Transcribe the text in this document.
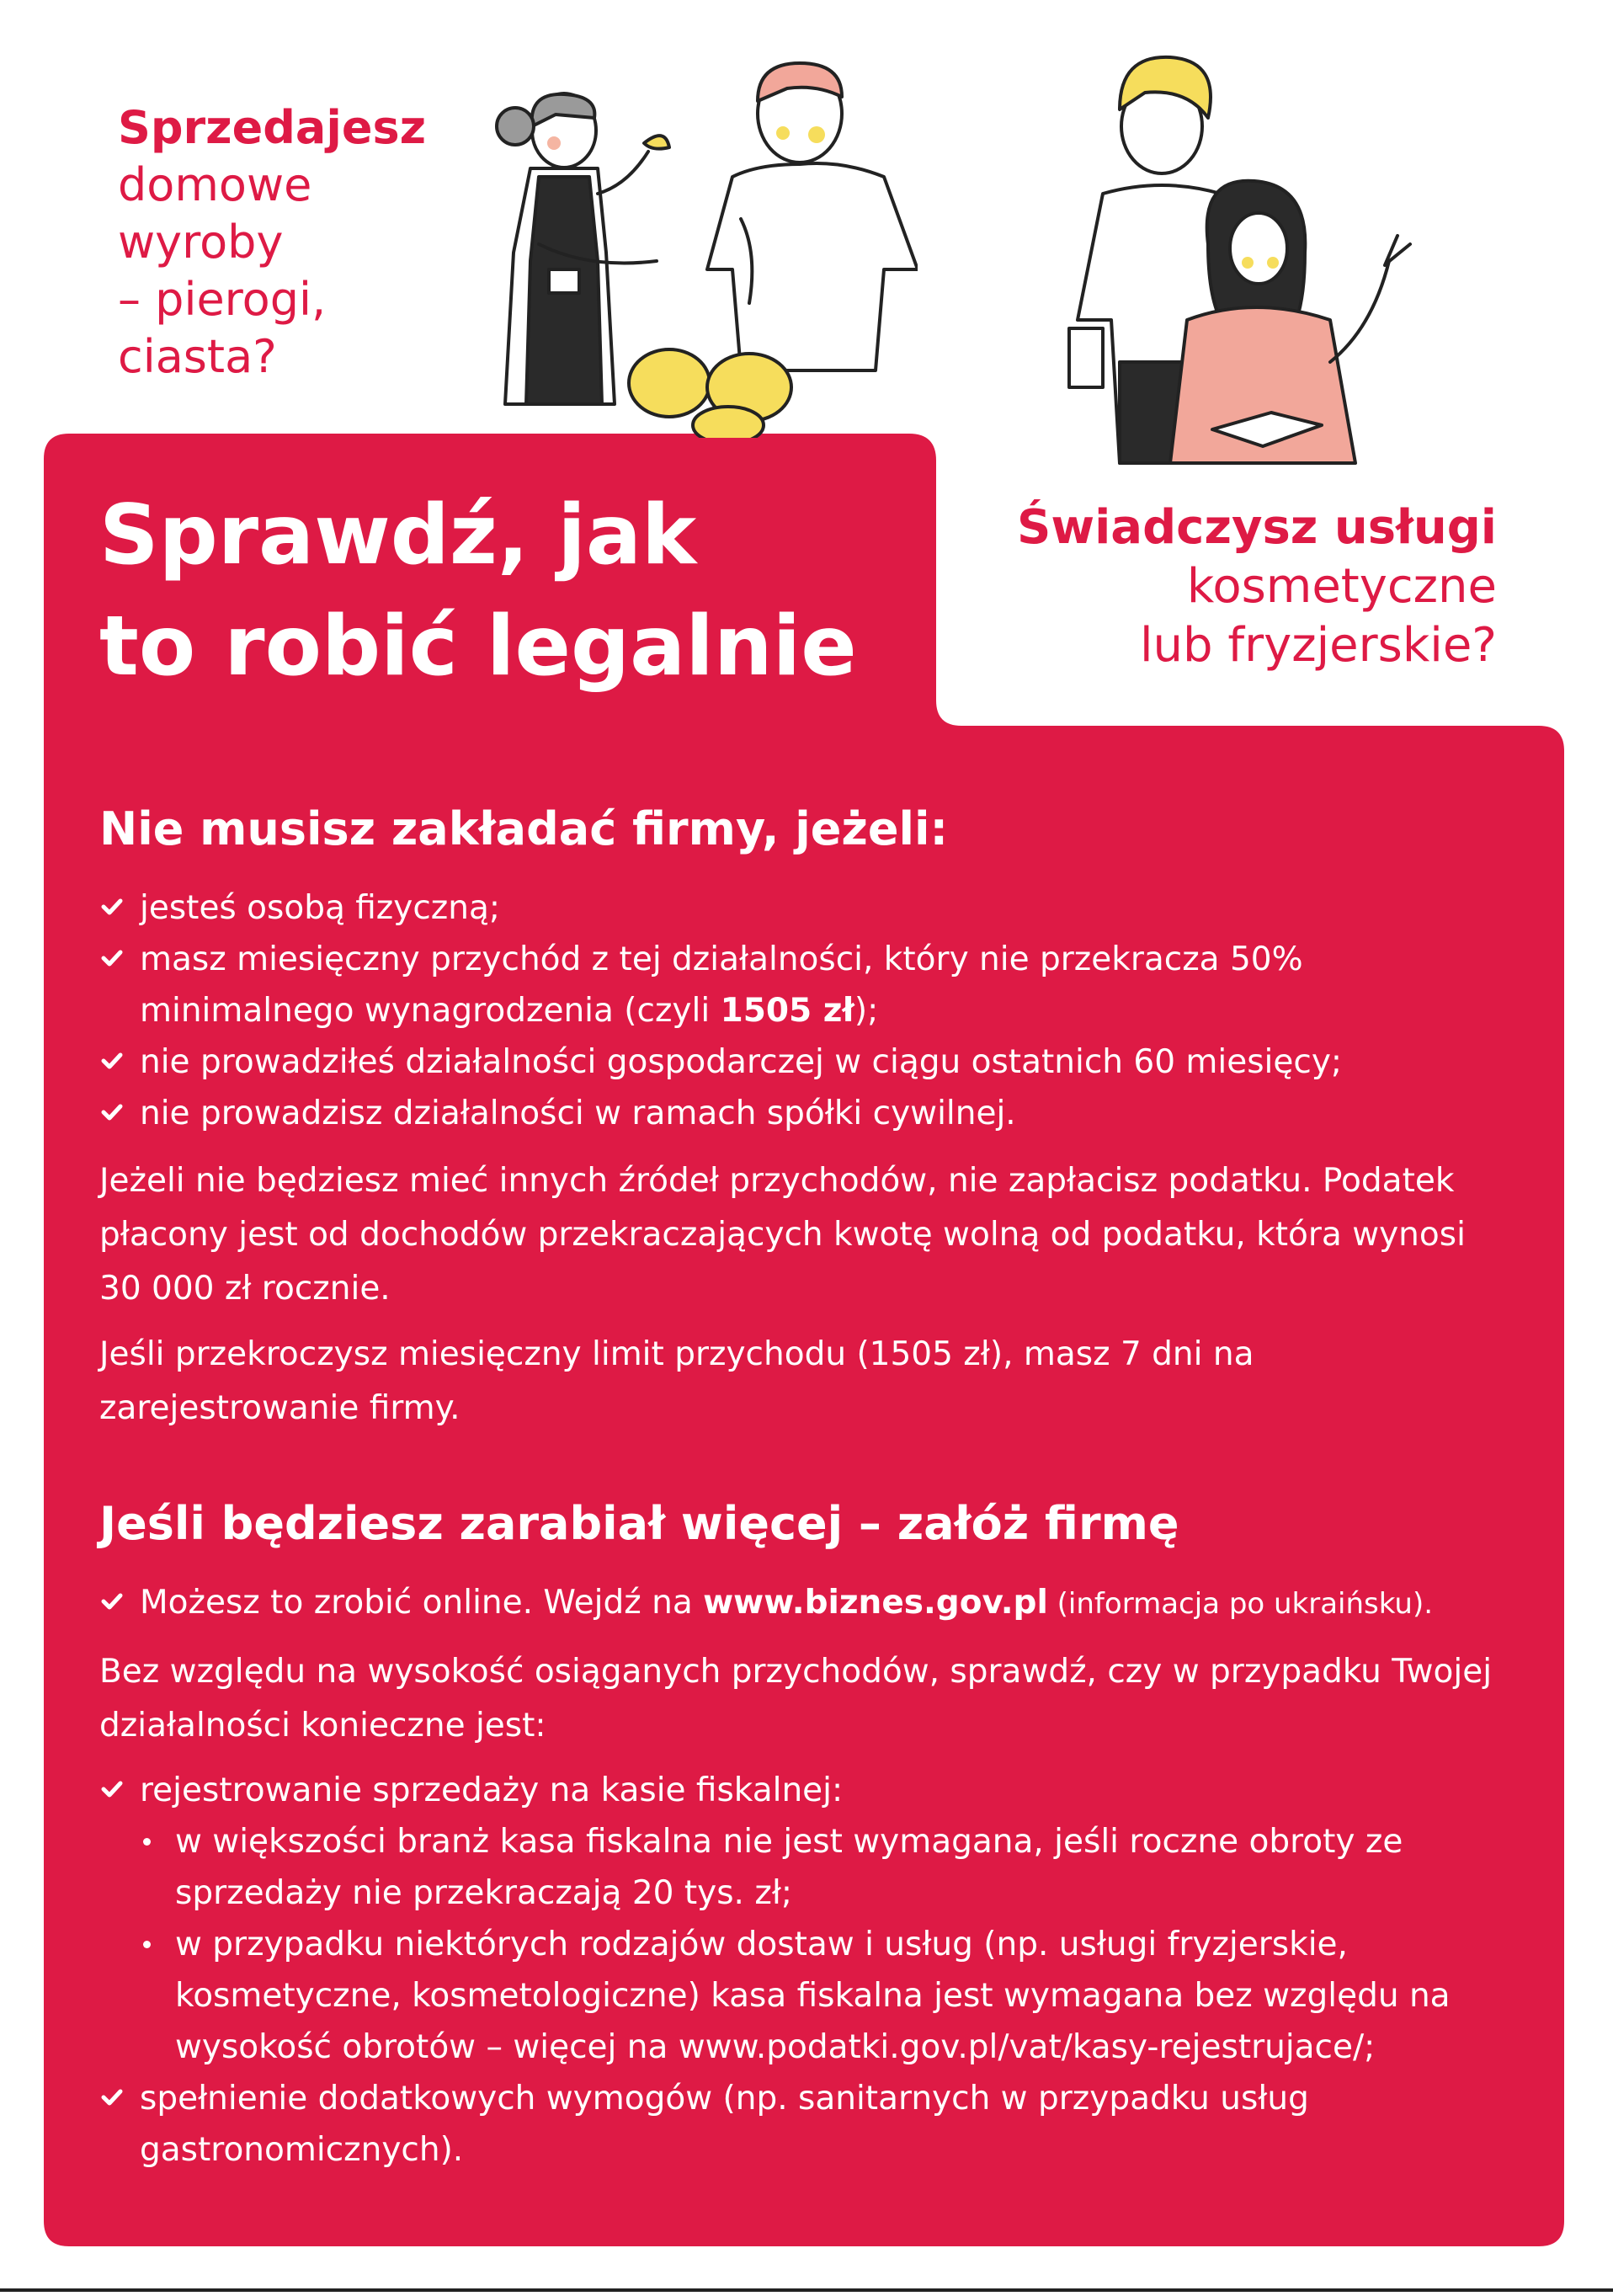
Sprzedajesz
domowe
wyroby
– pierogi,
ciasta?
Świadczysz usługi
kosmetyczne
lub fryzjerskie?
Sprawdź, jak
to robić legalnie
Nie musisz zakładać firmy, jeżeli:
jesteś osobą fizyczną;
masz miesięczny przychód z tej działalności, który nie przekracza 50% minimalnego wynagrodzenia (czyli 1505 zł);
nie prowadziłeś działalności gospodarczej w ciągu ostatnich 60 miesięcy;
nie prowadzisz działalności w ramach spółki cywilnej.

Jeżeli nie będziesz mieć innych źródeł przychodów, nie zapłacisz podatku. Podatek płacony jest od dochodów przekraczających kwotę wolną od podatku, która wynosi 30 000 zł rocznie.

Jeśli przekroczysz miesięczny limit przychodu (1505 zł), masz 7 dni na zarejestrowanie firmy.

Jeśli będziesz zarabiał więcej – załóż firmę
Możesz to zrobić online. Wejdź na www.biznes.gov.pl (informacja po ukraińsku).

Bez względu na wysokość osiąganych przychodów, sprawdź, czy w przypadku Twojej działalności konieczne jest:

rejestrowanie sprzedaży na kasie fiskalnej:
w większości branż kasa fiskalna nie jest wymagana, jeśli roczne obroty ze sprzedaży nie przekraczają 20 tys. zł;
w przypadku niektórych rodzajów dostaw i usług (np. usługi fryzjerskie, kosmetyczne, kosmetologiczne) kasa fiskalna jest wymagana bez względu na wysokość obrotów – więcej na www.podatki.gov.pl/vat/kasy-rejestrujace/;
spełnienie dodatkowych wymogów (np. sanitarnych w przypadku usług gastronomicznych).
